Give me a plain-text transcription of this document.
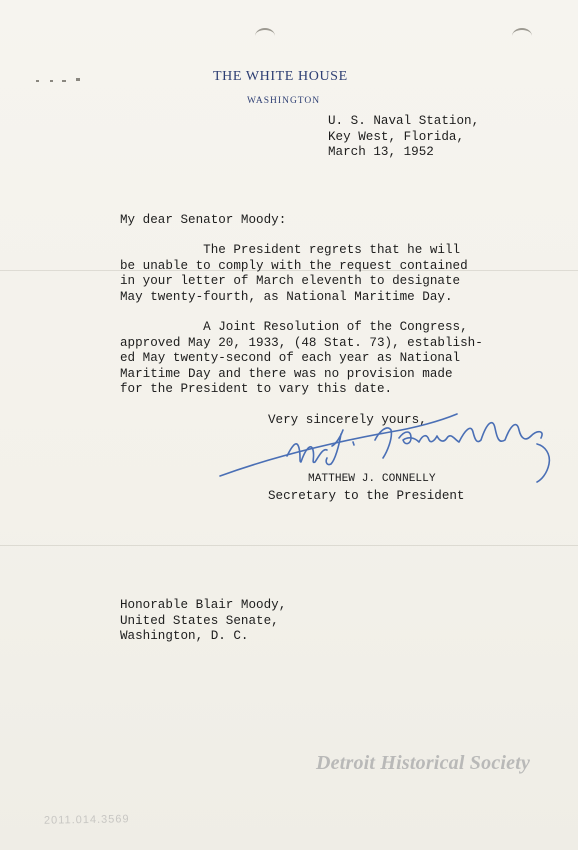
THE WHITE HOUSE
WASHINGTON
U. S. Naval Station,
Key West, Florida,
March 13, 1952
My dear Senator Moody:
The President regrets that he will
be unable to comply with the request contained
in your letter of March eleventh to designate
May twenty-fourth, as National Maritime Day.
A Joint Resolution of the Congress,
approved May 20, 1933, (48 Stat. 73), establish-
ed May twenty-second of each year as National
Maritime Day and there was no provision made
for the President to vary this date.
Very sincerely yours,
MATTHEW J. CONNELLY
Secretary to the President
Honorable Blair Moody,
United States Senate,
Washington, D. C.
Detroit Historical Society
2011.014.3569
